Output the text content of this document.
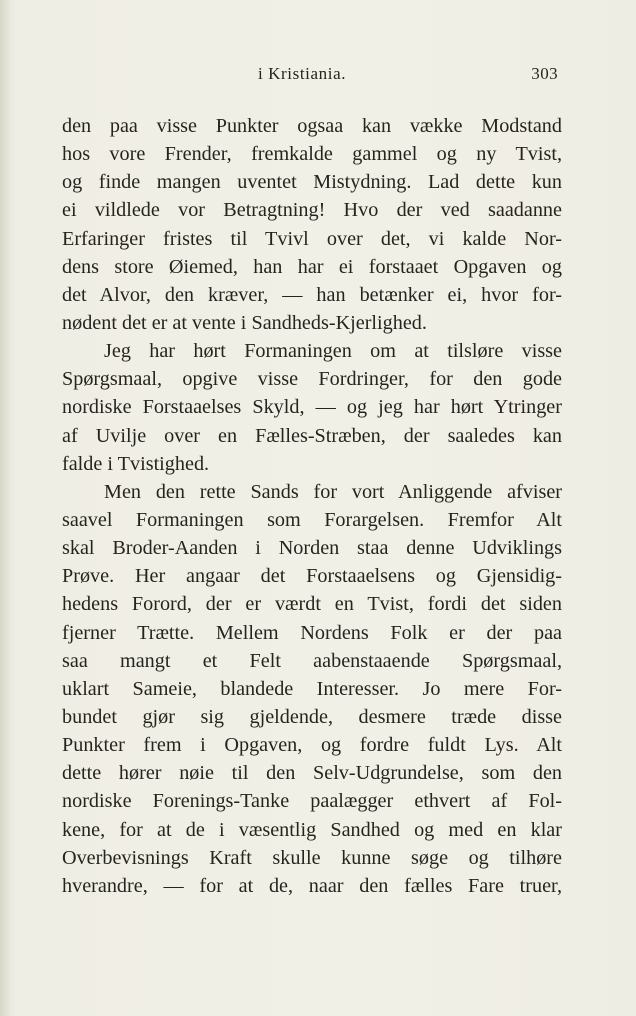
i Kristiania.	303
den paa visse Punkter ogsaa kan vække Modstand
hos vore Frender, fremkalde gammel og ny Tvist,
og finde mangen uventet Mistydning. Lad dette kun
ei vildlede vor Betragtning! Hvo der ved saadanne
Erfaringer fristes til Tvivl over det, vi kalde Nor-
dens store Øiemed, han har ei forstaaet Opgaven og
det Alvor, den kræver, — han betænker ei, hvor for-
nødent det er at vente i Sandheds-Kjerlighed.
Jeg har hørt Formaningen om at tilsløre visse
Spørgsmaal, opgive visse Fordringer, for den gode
nordiske Forstaaelses Skyld, — og jeg har hørt Ytringer
af Uvilje over en Fælles-Stræben, der saaledes kan
falde i Tvistighed.
Men den rette Sands for vort Anliggende afviser
saavel Formaningen som Forargelsen. Fremfor Alt
skal Broder-Aanden i Norden staa denne Udviklings
Prøve. Her angaar det Forstaaelsens og Gjensidig-
hedens Forord, der er værdt en Tvist, fordi det siden
fjerner Trætte. Mellem Nordens Folk er der paa
saa mangt et Felt aabenstaaende Spørgsmaal,
uklart Sameie, blandede Interesser. Jo mere For-
bundet gjør sig gjeldende, desmere træde disse
Punkter frem i Opgaven, og fordre fuldt Lys. Alt
dette hører nøie til den Selv-Udgrundelse, som den
nordiske Forenings-Tanke paalægger ethvert af Fol-
kene, for at de i væsentlig Sandhed og med en klar
Overbevisnings Kraft skulle kunne søge og tilhøre
hverandre, — for at de, naar den fælles Fare truer,
